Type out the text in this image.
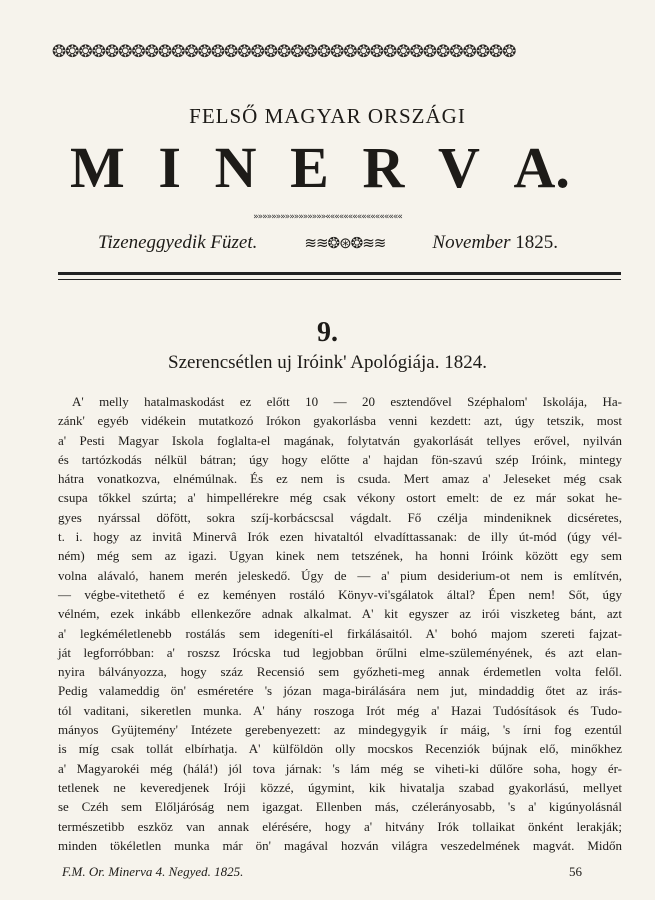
❂❂❂❂❂❂❂❂❂❂❂❂❂❂❂❂❂❂❂❂❂❂❂❂❂❂❂❂❂❂❂❂❂❂❂
FELSŐ MAGYAR ORSZÁGI
M I N E R V A.
»»»»»»»»»»»»»»»»«««««««««««««««««
Tizeneggyedik Füzet.	≋≋❂⊛❂≋≋ November 1825.
9.
Szerencsétlen uj Iróink' Apológiája. 1824.
A' melly hatalmaskodást ez előtt 10 — 20 esztendővel Széphalom' Iskolája, Ha-
zánk' egyéb vidékein mutatkozó Irókon gyakorlásba venni kezdett: azt, úgy tetszik, most
a' Pesti Magyar Iskola foglalta-el magának, folytatván gyakorlását tellyes erővel, nyilván
és tartózkodás nélkül bátran; úgy hogy előtte a' hajdan fön-szavú szép Iróink, mintegy
hátra vonatkozva, elnémúlnak. És ez nem is csuda. Mert amaz a' Jeleseket még csak
csupa tőkkel szúrta; a' himpellérekre még csak vékony ostort emelt: de ez már sokat he-
gyes nyárssal döfött, sokra szíj-korbácscsal vágdalt. Fő czélja mindeniknek dicséretes,
t. i. hogy az invitâ Minervâ Irók ezen hivataltól elvadíttassanak: de illy út-mód (úgy vél-
ném) még sem az igazi. Ugyan kinek nem tetszének, ha honni Iróink között egy sem
volna alávaló, hanem merén jeleskedő. Úgy de — a' pium desiderium-ot nem is említvén,
— végbe-vitethető é ez keményen rostáló Könyv-vi'sgálatok által? Épen nem! Sőt, úgy
vélném, ezek inkább ellenkezőre adnak alkalmat. A' kit egyszer az irói viszketeg bánt, azt
a' legkéméletlenebb rostálás sem idegeníti-el firkálásaitól. A' bohó majom szereti fajzat-
ját legforróbban: a' roszsz Irócska tud legjobban örűlni elme-szüleményének, és azt elan-
nyira bálványozza, hogy száz Recensió sem győzheti-meg annak érdemetlen volta felől.
Pedig valameddig ön' esméretére 's józan maga-birálására nem jut, mindaddig őtet az irás-
tól vaditani, sikeretlen munka. A' hány roszoga Irót még a' Hazai Tudósítások és Tudo-
mányos Gyüjtemény' Intézete gerebenyezett: az mindegygyik ír máig, 's írni fog ezentúl
is míg csak tollát elbírhatja. A' külföldön olly mocskos Recenziók bújnak elő, minőkhez
a' Magyarokéi még (hálá!) jól tova járnak: 's lám még se viheti-ki dűlőre soha, hogy ér-
tetlenek ne keveredjenek Iróji közzé, úgymint, kik hivatalja szabad gyakorlású, mellyet
se Czéh sem Előljáróság nem igazgat. Ellenben más, czélerányosabb, 's a' kigúnyolásnál
természetibb eszköz van annak elérésére, hogy a' hitvány Irók tollaikat önként lerakják;
minden tökéletlen munka már ön' magával hozván világra veszedelmének magvát. Midőn
F.M. Or. Minerva 4. Negyed. 1825.	56
